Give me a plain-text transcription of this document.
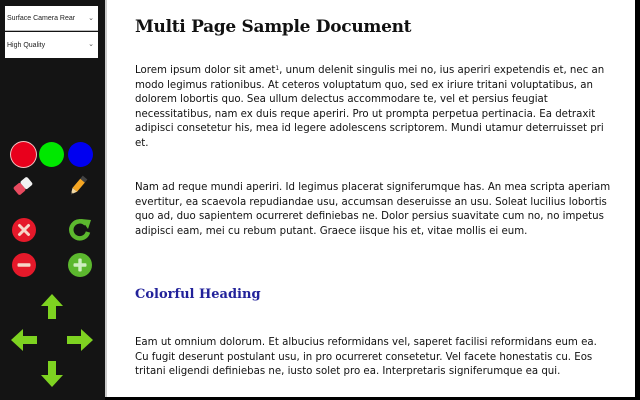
Surface Camera Rear ⌄
High Quality	⌄
Multi Page Sample Document

Lorem ipsum dolor sit amet$^1$, unum delenit singulis mei no, ius aperiri expetendis et, nec an modo legimus rationibus. At ceteros voluptatum quo, sed ex iriure tritani voluptatibus, an dolorem lobortis quo. Sea ullum delectus accommodare te, vel et persius feugiat necessitatibus, nam ex duis reque aperiri. Pro ut prompta perpetua pertinacia. Ea detraxit adipisci consetetur his, mea id legere adolescens scriptorem. Mundi utamur deterruisset pri et.

Nam ad reque mundi aperiri. Id legimus placerat signiferumque has. An mea scripta aperiam evertitur, ea scaevola repudiandae usu, accumsan deseruisse an usu. Soleat lucilius lobortis quo ad, duo sapientem ocurreret definiebas ne. Dolor persius suavitate cum no, no impetus adipisci eam, mei cu rebum putant. Graece iisque his et, vitae mollis ei eum.

Colorful Heading

Eam ut omnium dolorum. Et albucius reformidans vel, saperet facilisi reformidans eum ea. Cu fugit deserunt postulant usu, in pro ocurreret consetetur. Vel facete honestatis cu. Eos tritani eligendi definiebas ne, iusto solet pro ea. Interpretaris signiferumque ea qui.
